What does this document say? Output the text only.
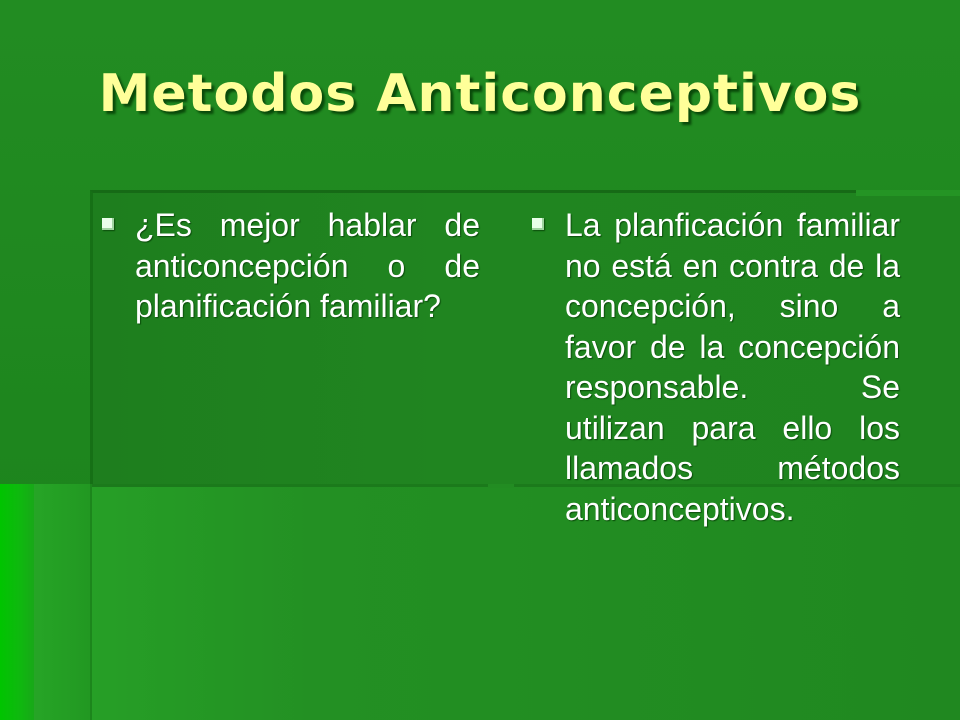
Metodos Anticonceptivos
¿Es mejor hablar de anticoncepción o de planificación familiar?
La planficación familiar no está en contra de la concepción, sino a favor de la concepción responsable. Se utilizan para ello los llamados métodos anticonceptivos.
